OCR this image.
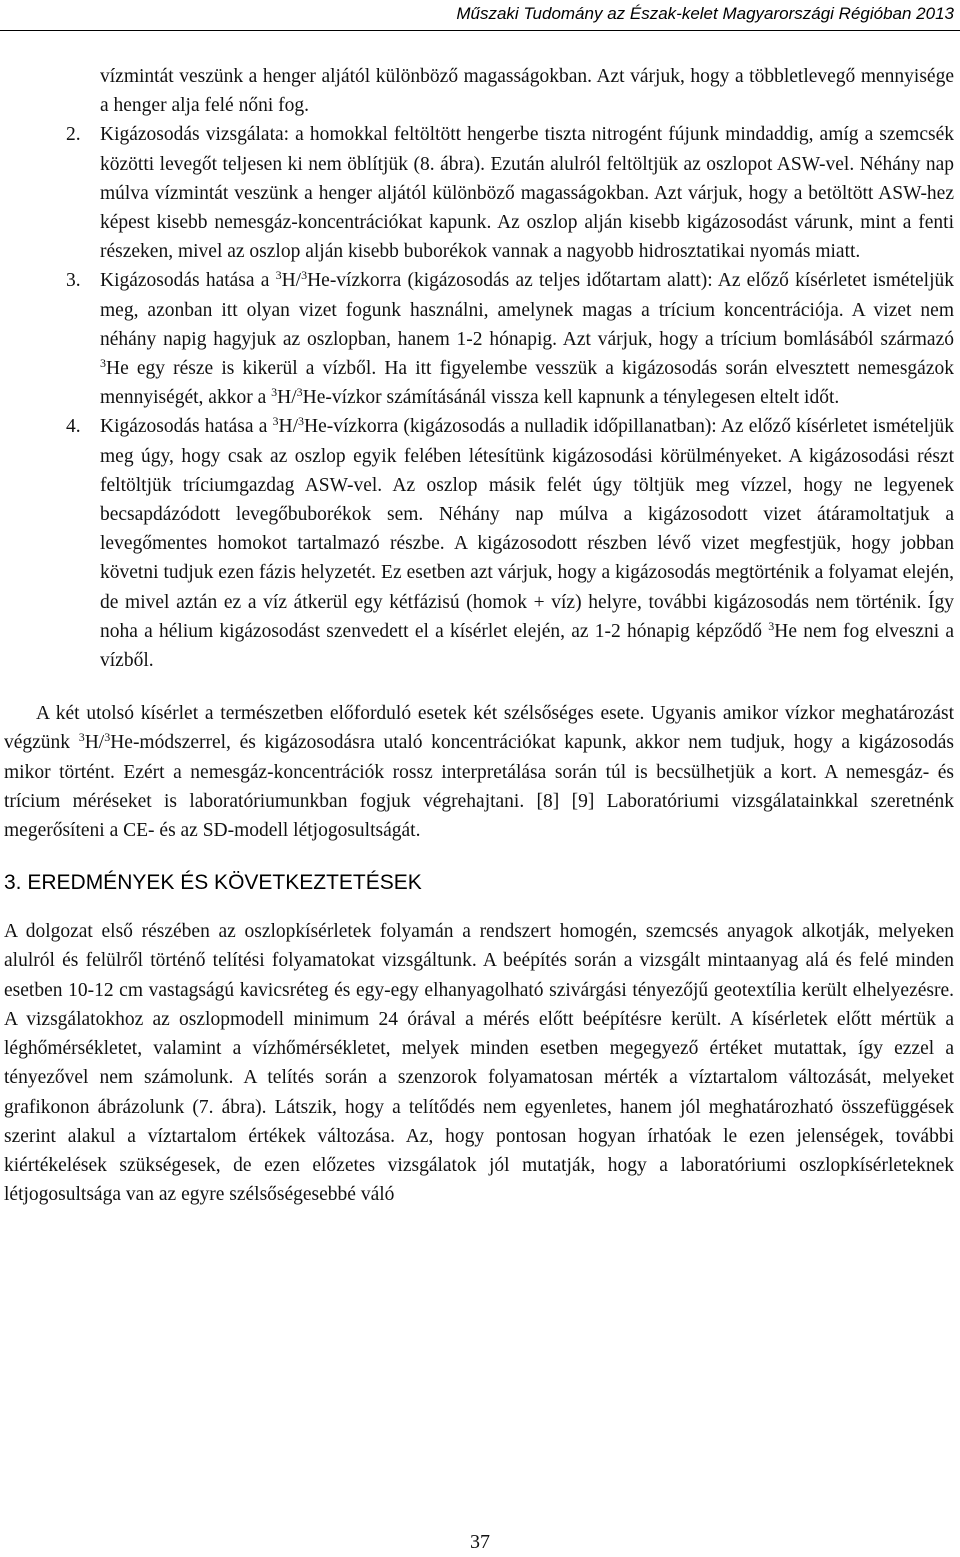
Műszaki Tudomány az Észak-kelet Magyarországi Régióban 2013

vízmintát veszünk a henger aljától különböző magasságokban. Azt várjuk, hogy a többletlevegő mennyisége a henger alja felé nőni fog.

2. Kigázosodás vizsgálata: a homokkal feltöltött hengerbe tiszta nitrogént fújunk mindaddig, amíg a szemcsék közötti levegőt teljesen ki nem öblítjük (8. ábra). Ezután alulról feltöltjük az oszlopot ASW-vel. Néhány nap múlva vízmintát veszünk a henger aljától különböző magasságokban. Azt várjuk, hogy a betöltött ASW-hez képest kisebb nemesgáz-koncentrációkat kapunk. Az oszlop alján kisebb kigázosodást várunk, mint a fenti részeken, mivel az oszlop alján kisebb buborékok vannak a nagyobb hidrosztatikai nyomás miatt.

3. Kigázosodás hatása a $^3$H/$^3$He-vízkorra (kigázosodás az teljes időtartam alatt): Az előző kísérletet ismételjük meg, azonban itt olyan vizet fogunk használni, amelynek magas a trícium koncentrációja. A vizet nem néhány napig hagyjuk az oszlopban, hanem 1-2 hónapig. Azt várjuk, hogy a trícium bomlásából származó $^3$He egy része is kikerül a vízből. Ha itt figyelembe vesszük a kigázosodás során elvesztett nemesgázok mennyiségét, akkor a $^3$H/$^3$He-vízkor számításánál vissza kell kapnunk a ténylegesen eltelt időt.

4. Kigázosodás hatása a $^3$H/$^3$He-vízkorra (kigázosodás a nulladik időpillanatban): Az előző kísérletet ismételjük meg úgy, hogy csak az oszlop egyik felében létesítünk kigázosodási körülményeket. A kigázosodási részt feltöltjük tríciumgazdag ASW-vel. Az oszlop másik felét úgy töltjük meg vízzel, hogy ne legyenek becsapdázódott levegőbuborékok sem. Néhány nap múlva a kigázosodott vizet átáramoltatjuk a levegőmentes homokot tartalmazó részbe. A kigázosodott részben lévő vizet megfestjük, hogy jobban követni tudjuk ezen fázis helyzetét. Ez esetben azt várjuk, hogy a kigázosodás megtörténik a folyamat elején, de mivel aztán ez a víz átkerül egy kétfázisú (homok + víz) helyre, további kigázosodás nem történik. Így noha a hélium kigázosodást szenvedett el a kísérlet elején, az 1-2 hónapig képződő $^3$He nem fog elveszni a vízből.

A két utolsó kísérlet a természetben előforduló esetek két szélsőséges esete. Ugyanis amikor vízkor meghatározást végzünk $^3$H/$^3$He-módszerrel, és kigázosodásra utaló koncentrációkat kapunk, akkor nem tudjuk, hogy a kigázosodás mikor történt. Ezért a nemesgáz-koncentrációk rossz interpretálása során túl is becsülhetjük a kort. A nemesgáz- és trícium méréseket is laboratóriumunkban fogjuk végrehajtani. [8] [9] Laboratóriumi vizsgálatainkkal szeretnénk megerősíteni a CE- és az SD-modell létjogosultságát.

3. EREDMÉNYEK ÉS KÖVETKEZTETÉSEK

A dolgozat első részében az oszlopkísérletek folyamán a rendszert homogén, szemcsés anyagok alkotják, melyeken alulról és felülről történő telítési folyamatokat vizsgáltunk. A beépítés során a vizsgált mintaanyag alá és felé minden esetben 10-12 cm vastagságú kavicsréteg és egy-egy elhanyagolható szivárgási tényezőjű geotextília került elhelyezésre. A vizsgálatokhoz az oszlopmodell minimum 24 órával a mérés előtt beépítésre került. A kísérletek előtt mértük a léghőmérsékletet, valamint a vízhőmérsékletet, melyek minden esetben megegyező értéket mutattak, így ezzel a tényezővel nem számolunk. A telítés során a szenzorok folyamatosan mérték a víztartalom változását, melyeket grafikonon ábrázolunk (7. ábra). Látszik, hogy a telítődés nem egyenletes, hanem jól meghatározható összefüggések szerint alakul a víztartalom értékek változása. Az, hogy pontosan hogyan írhatóak le ezen jelenségek, további kiértékelések szükségesek, de ezen előzetes vizsgálatok jól mutatják, hogy a laboratóriumi oszlopkísérleteknek létjogosultsága van az egyre szélsőségesebbé váló

37
